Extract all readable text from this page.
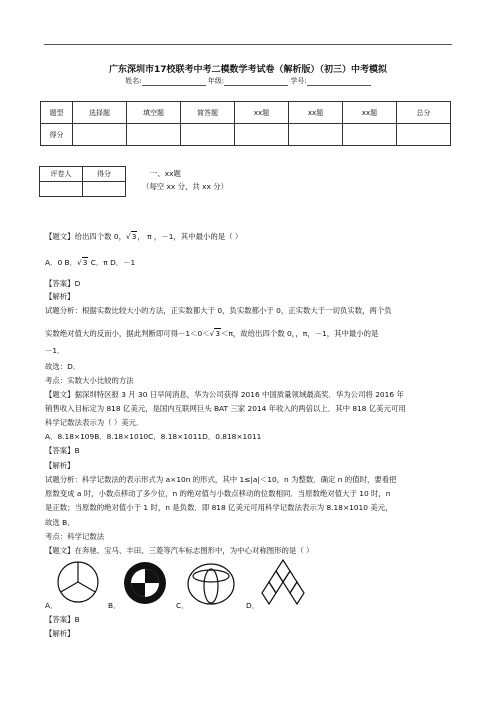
广东深圳市17校联考中考二模数学考试卷（解析版）（初三）中考模拟
姓名:	年级:	学号:
题型	选择题	填空题	简答题	xx题	xx题	xx题	总分
得分							
评卷人	得分
		一、xx题
（每空 xx 分，共 xx 分）
【题文】给出四个数 0，√3， π ，－1，其中最小的是（ ）
A．0 B．√3 C．π D．－1
【答案】D
【解析】
试题分析：根据实数比较大小的方法，正实数都大于 0，负实数都小于 0，正实数大于一切负实数，两个负
实数绝对值大的反而小，据此判断即可得－1＜0＜√3＜π，故给出四个数 0，，π，－1，其中最小的是
－1．
故选：D．
考点：实数大小比较的方法
【题文】据深圳特区报 3 月 30 日早间消息，华为公司获得 2016 中国质量领域最高奖．华为公司将 2016 年
销售收入目标定为 818 亿美元，是国内互联网巨头 BAT 三家 2014 年收入的两倍以上．其中 818 亿美元可用
科学记数法表示为（ ）美元．
A．8.18×109B．8.18×1010C．8.18×1011D．0.818×1011
【答案】B
【解析】
试题分析：科学记数法的表示形式为 a×10n 的形式，其中 1≤|a|＜10，n 为整数．确定 n 的值时，要看把
原数变成 a 时，小数点移动了多少位，n 的绝对值与小数点移动的位数相同．当原数绝对值大于 10 时，n
是正数；当原数的绝对值小于 1 时，n 是负数．即 818 亿美元可用科学记数法表示为 8.18×1010 美元，
故选 B．
考点：科学记数法
【题文】在奔驰、宝马、丰田、三菱等汽车标志图形中，为中心对称图形的是（ ）
A．	B．	C．	D．
【答案】B
【解析】
